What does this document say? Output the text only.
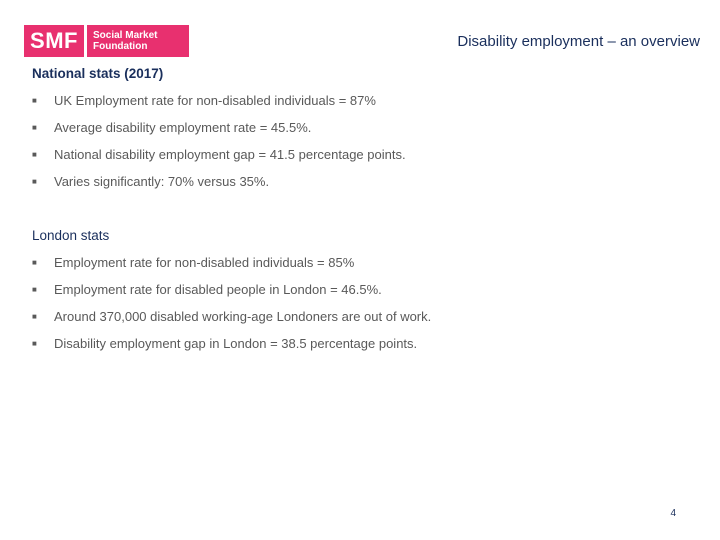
SMF	Social Market
Foundation	Disability employment – an overview
National stats (2017)
■	UK Employment rate for non-disabled individuals = 87%
■	Average disability employment rate = 45.5%.
■	National disability employment gap = 41.5 percentage points.
■	Varies significantly: 70% versus 35%.
London stats
■	Employment rate for non-disabled individuals = 85%
■	Employment rate for disabled people in London = 46.5%.
■	Around 370,000 disabled working-age Londoners are out of work.
■	Disability employment gap in London = 38.5 percentage points.
4
